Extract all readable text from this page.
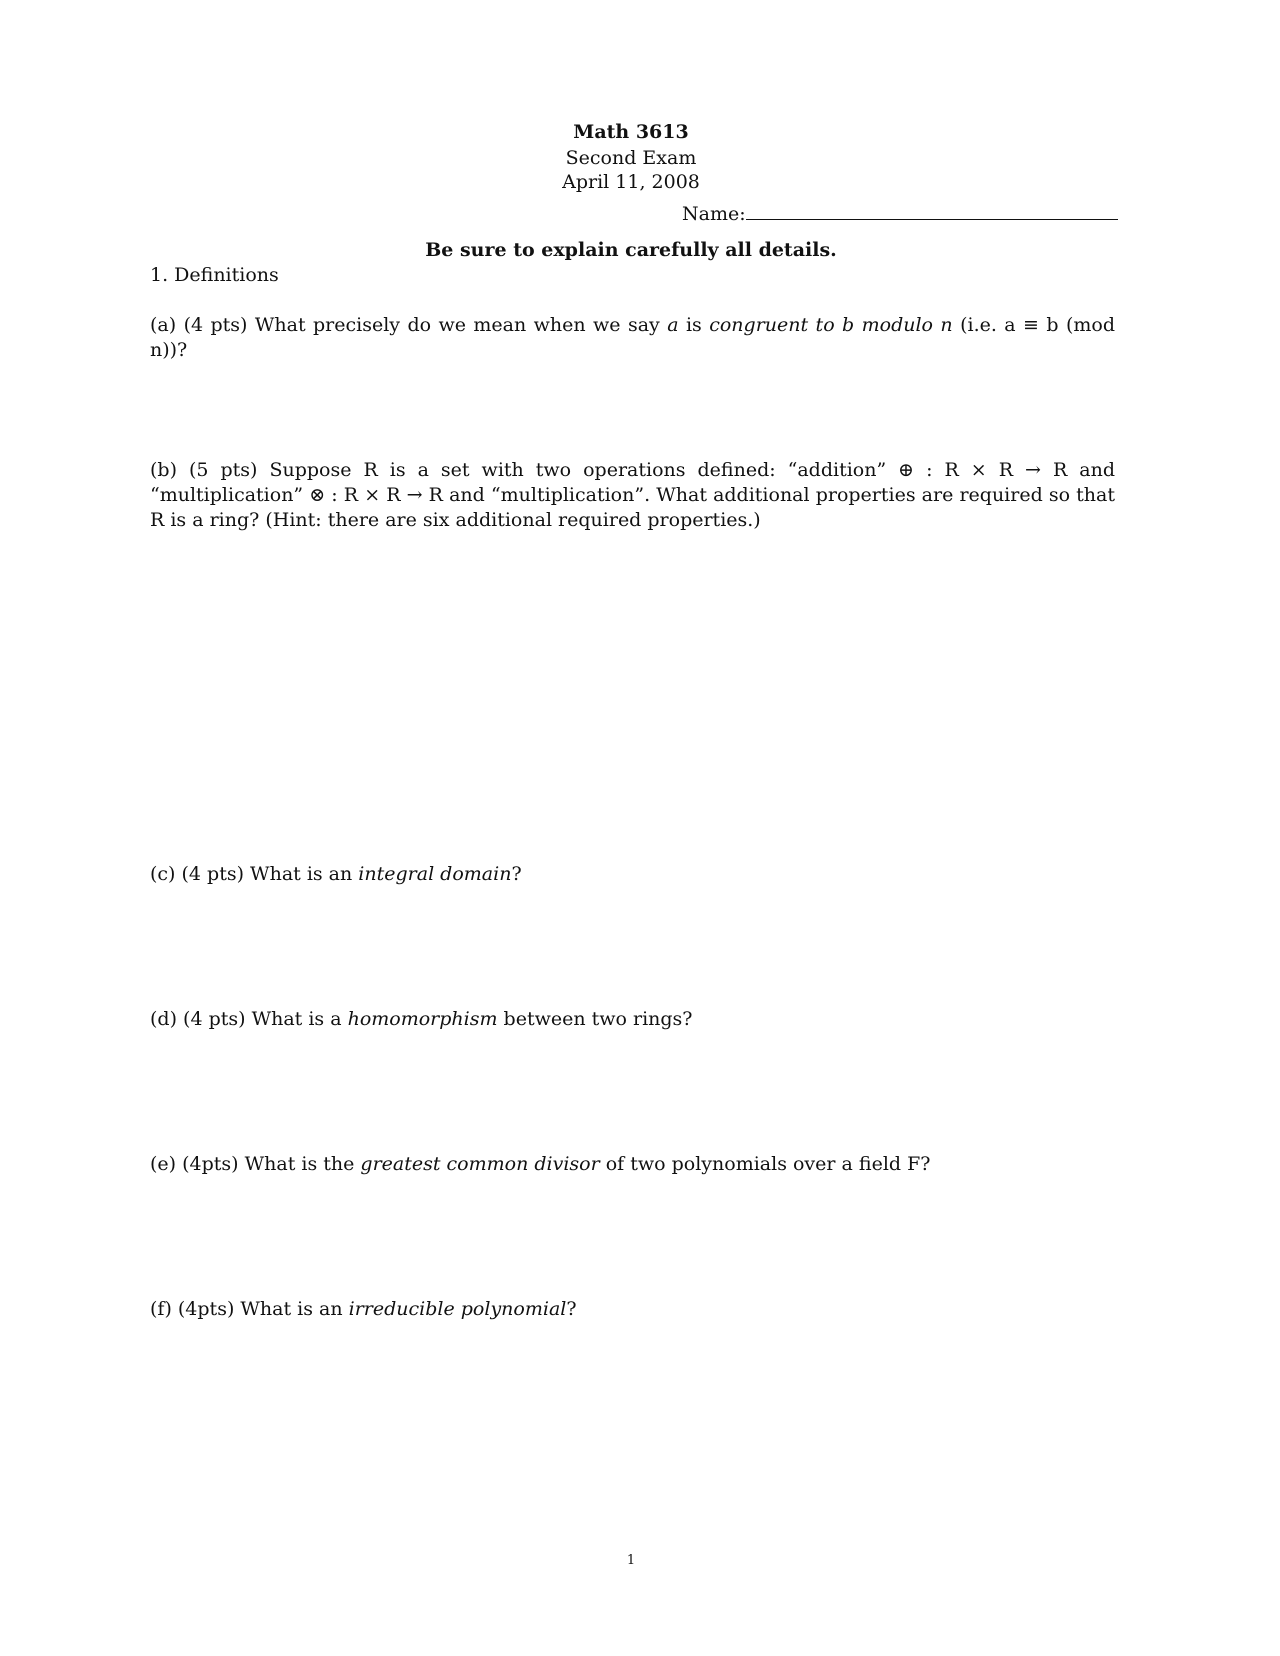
Math 3613
Second Exam
April 11, 2008
Name:
Be sure to explain carefully all details.
1. Definitions
(a) (4 pts) What precisely do we mean when we say a is congruent to b modulo n (i.e. a ≡ b (mod n))?
(b) (5 pts) Suppose R is a set with two operations defined: “addition” ⊕ : R × R → R and “multiplication” ⊗ : R × R → R and “multiplication”. What additional properties are required so that R is a ring? (Hint: there are six additional required properties.)
(c) (4 pts) What is an integral domain?
(d) (4 pts) What is a homomorphism between two rings?
(e) (4pts) What is the greatest common divisor of two polynomials over a field F?
(f) (4pts) What is an irreducible polynomial?
1
